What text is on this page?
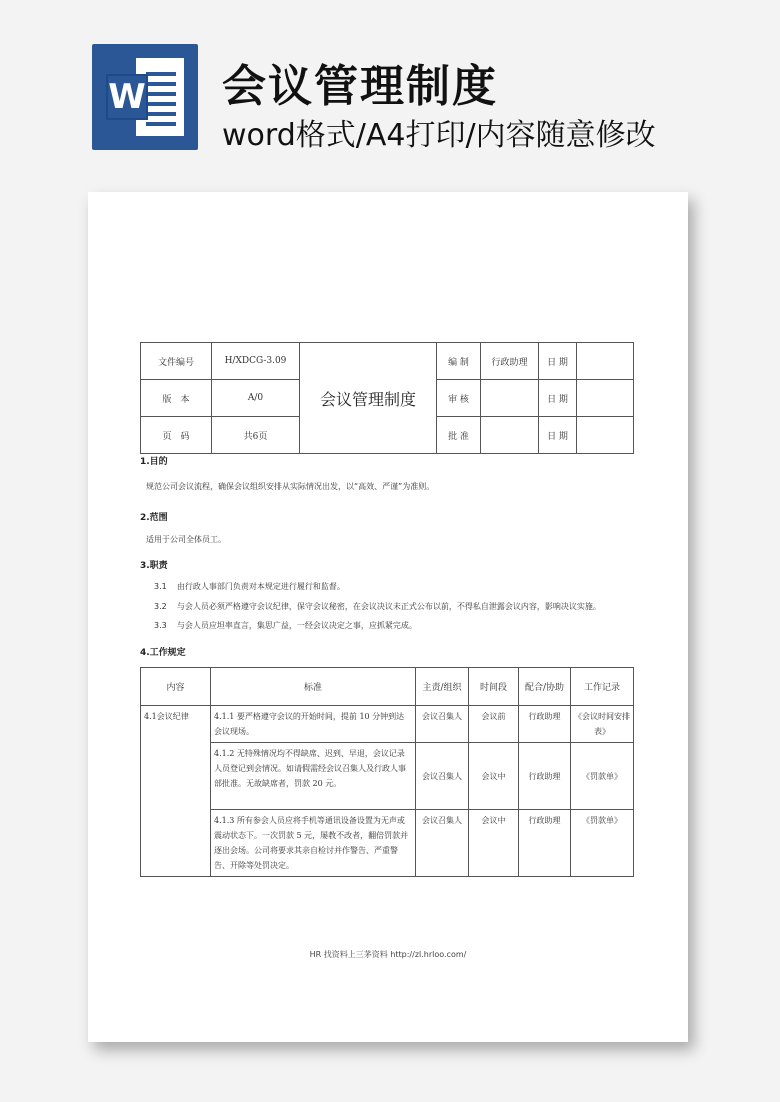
W 会议管理制度
word格式/A4打印/内容随意修改
文件编号	H/XDCG-3.09	会议管理制度	编 制	行政助理	日 期	
版　本	A/0		审 核		日 期	
页　码	共6页		批 准		日 期	
1.目的
规范公司会议流程，确保会议组织安排从实际情况出发，以“高效、严谨”为准则。
2.范围
适用于公司全体员工。
3.职责
3.1 由行政人事部门负责对本规定进行履行和监督。
3.2 与会人员必须严格遵守会议纪律，保守会议秘密，在会议决议未正式公布以前，不得私自泄露会议内容，影响决议实施。
3.3 与会人员应坦率直言，集思广益，一经会议决定之事，应抓紧完成。
4.工作规定
内容	标准	主责/组织	时间段	配合/协助	工作记录
4.1会议纪律	4.1.1 要严格遵守会议的开始时间，提前 10 分钟到达会议现场。	会议召集人	会议前	行政助理	《会议时间安排表》
	4.1.2 无特殊情况均不得缺席、迟到、早退，会议记录人员登记到会情况。如请假需经会议召集人及行政人事部批准。无故缺席者，罚款 20 元。	会议召集人	会议中	行政助理	《罚款单》
	4.1.3 所有参会人员应将手机等通讯设备设置为无声或震动状态下。一次罚款 5 元，屡教不改者，翻倍罚款并逐出会场。公司将要求其亲自检讨并作警告、严重警告、开除等处罚决定。	会议召集人	会议中	行政助理	《罚款单》
HR 找资料上三茅资料 http://zl.hrloo.com/
